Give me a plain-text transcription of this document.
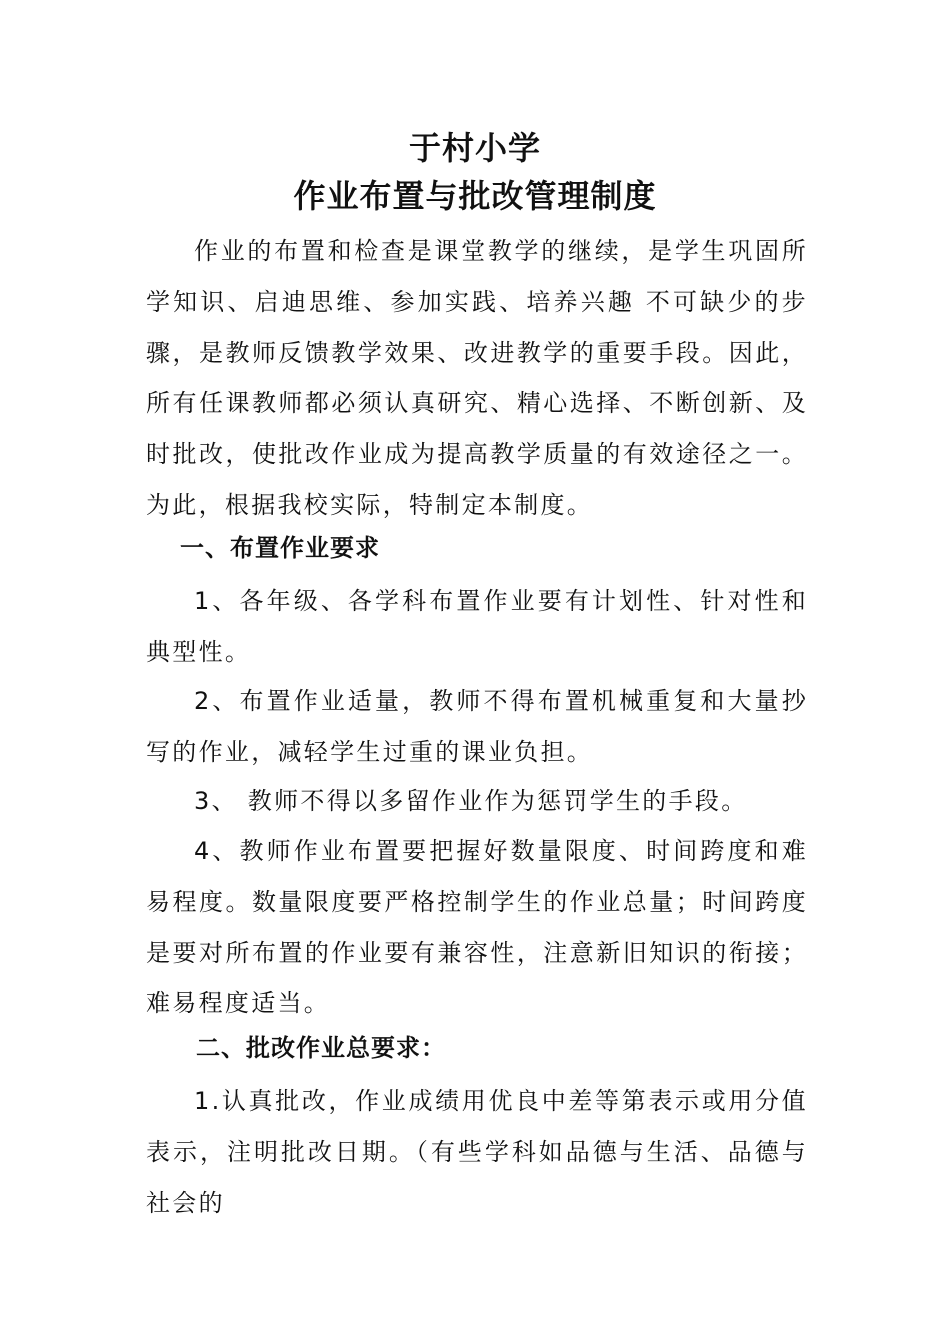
于村小学
作业布置与批改管理制度

作业的布置和检查是课堂教学的继续，是学生巩固所学知识、启迪思维、参加实践、培养兴趣 不可缺少的步骤，是教师反馈教学效果、改进教学的重要手段。因此，所有任课教师都必须认真研究、精心选择、不断创新、及时批改，使批改作业成为提高教学质量的有效途径之一。为此，根据我校实际，特制定本制度。

一、布置作业要求

1、各年级、各学科布置作业要有计划性、针对性和典型性。

2、布置作业适量，教师不得布置机械重复和大量抄写的作业，减轻学生过重的课业负担。

3、 教师不得以多留作业作为惩罚学生的手段。

4、教师作业布置要把握好数量限度、时间跨度和难易程度。数量限度要严格控制学生的作业总量；时间跨度是要对所布置的作业要有兼容性，注意新旧知识的衔接；难易程度适当。

二、批改作业总要求：

1.认真批改，作业成绩用优良中差等第表示或用分值表示，注明批改日期。（有些学科如品德与生活、品德与社会的
